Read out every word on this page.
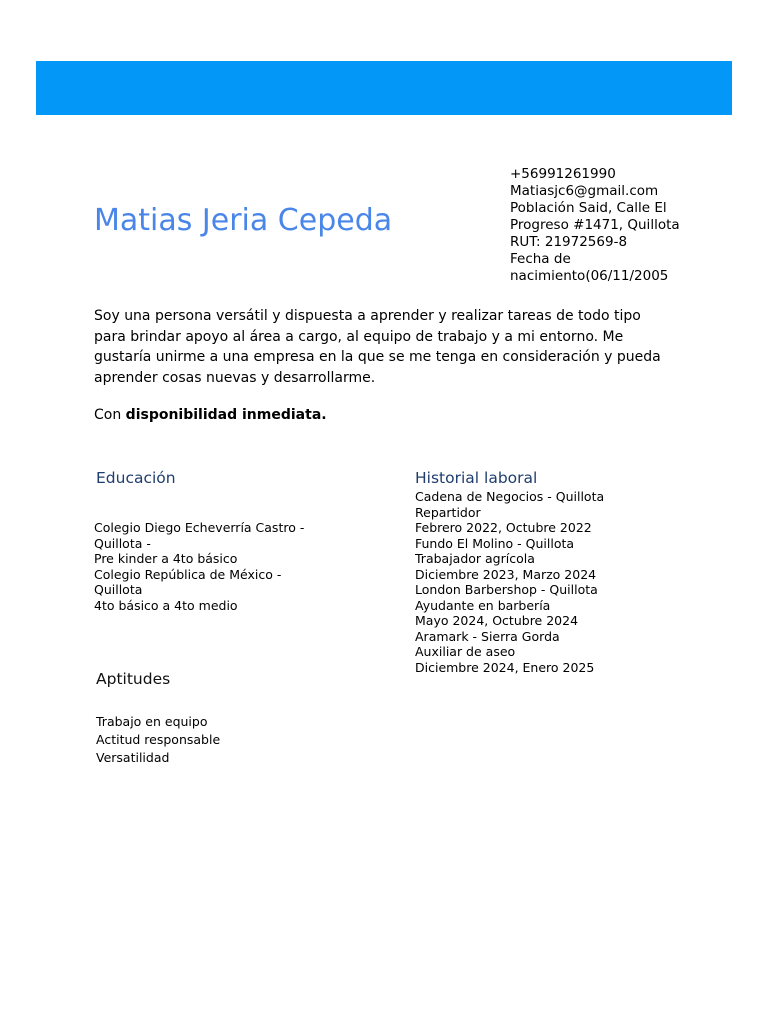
Matias Jeria Cepeda
+56991261990
Matiasjc6@gmail.com
Población Said, Calle El Progreso #1471, Quillota
RUT: 21972569-8
Fecha de nacimiento(06/11/2005
Soy una persona versátil y dispuesta a aprender y realizar tareas de todo tipo para brindar apoyo al área a cargo, al equipo de trabajo y a mi entorno. Me gustaría unirme a una empresa en la que se me tenga en consideración y pueda aprender cosas nuevas y desarrollarme.
Con disponibilidad inmediata.
Educación
Colegio Diego Echeverría Castro -
Quillota -
Pre kinder a 4to básico
Colegio República de México -
Quillota
4to básico a 4to medio
Historial laboral
Cadena de Negocios - Quillota
Repartidor
Febrero 2022, Octubre 2022
Fundo El Molino - Quillota
Trabajador agrícola
Diciembre 2023, Marzo 2024
London Barbershop - Quillota
Ayudante en barbería
Mayo 2024, Octubre 2024
Aramark - Sierra Gorda
Auxiliar de aseo
Diciembre 2024, Enero 2025
Aptitudes
Trabajo en equipo
Actitud responsable
Versatilidad
